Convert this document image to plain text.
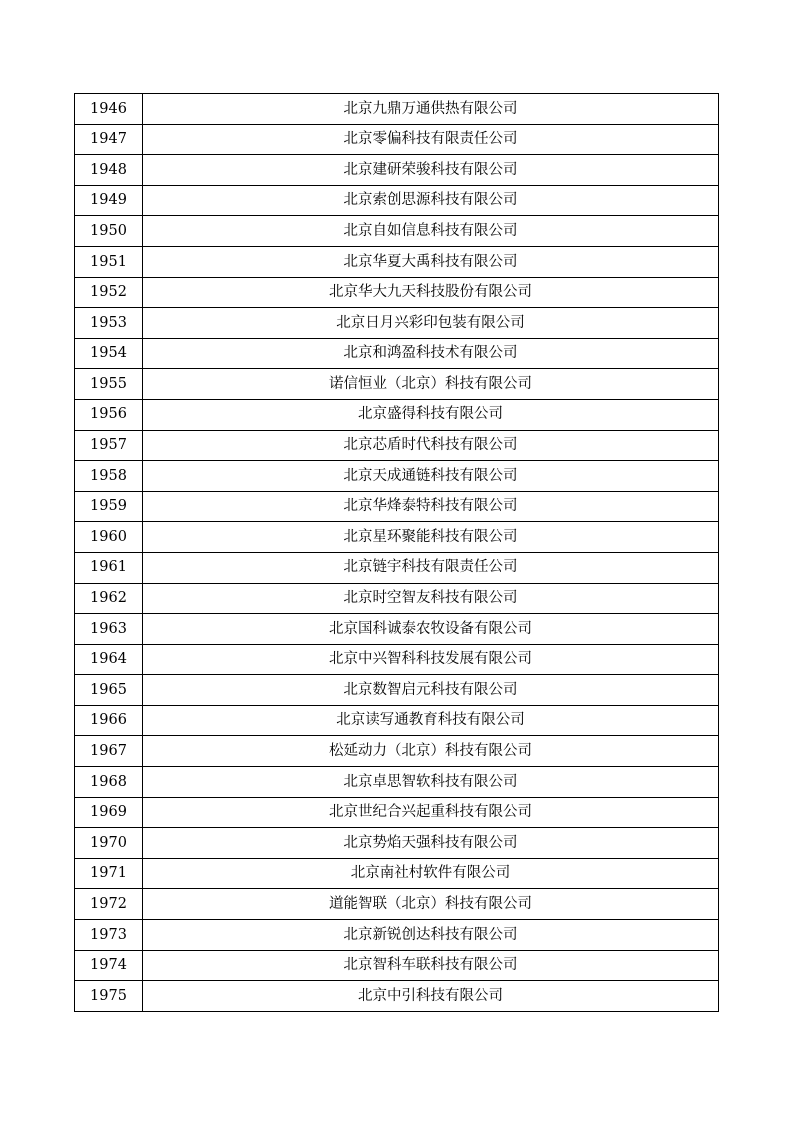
1946	北京九鼎万通供热有限公司
1947	北京零偏科技有限责任公司
1948	北京建研荣骏科技有限公司
1949	北京索创思源科技有限公司
1950	北京自如信息科技有限公司
1951	北京华夏大禹科技有限公司
1952	北京华大九天科技股份有限公司
1953	北京日月兴彩印包装有限公司
1954	北京和鸿盈科技术有限公司
1955	诺信恒业（北京）科技有限公司
1956	北京盛得科技有限公司
1957	北京芯盾时代科技有限公司
1958	北京天成通链科技有限公司
1959	北京华烽泰特科技有限公司
1960	北京星环聚能科技有限公司
1961	北京链宇科技有限责任公司
1962	北京时空智友科技有限公司
1963	北京国科诚泰农牧设备有限公司
1964	北京中兴智科科技发展有限公司
1965	北京数智启元科技有限公司
1966	北京读写通教育科技有限公司
1967	松延动力（北京）科技有限公司
1968	北京卓思智软科技有限公司
1969	北京世纪合兴起重科技有限公司
1970	北京势焰天强科技有限公司
1971	北京南社村软件有限公司
1972	道能智联（北京）科技有限公司
1973	北京新锐创达科技有限公司
1974	北京智科车联科技有限公司
1975	北京中引科技有限公司
